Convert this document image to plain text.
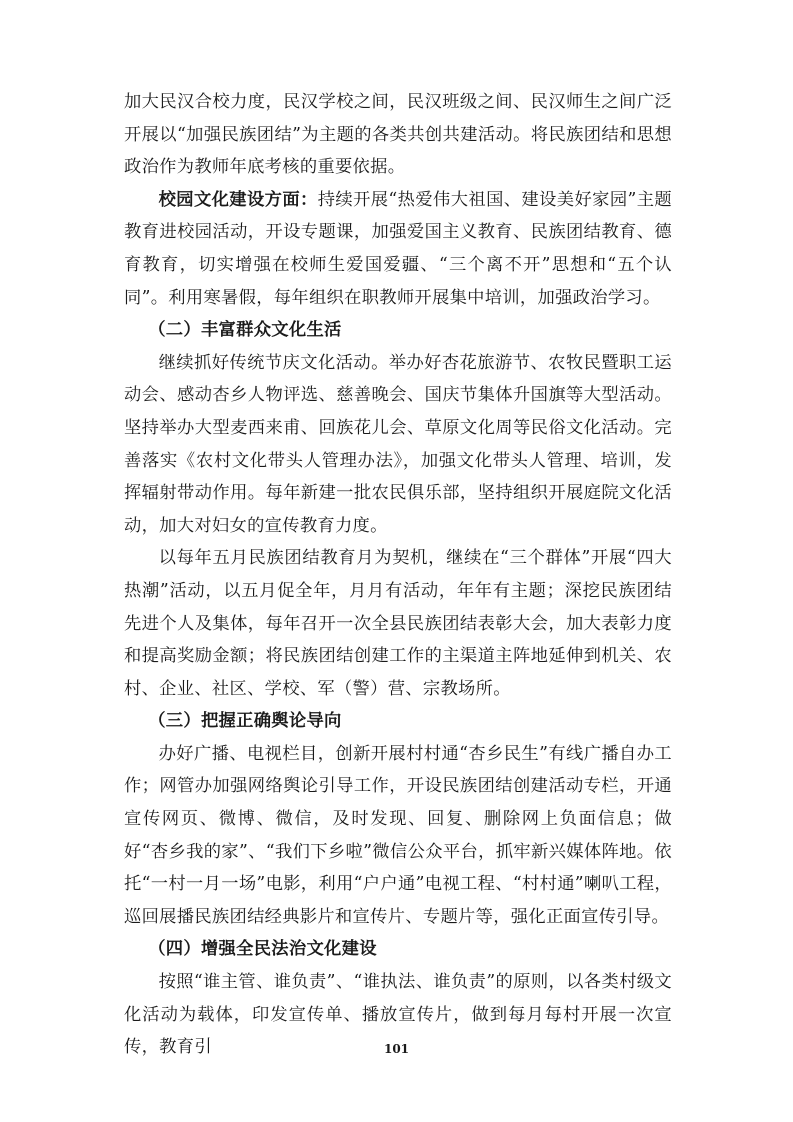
加大民汉合校力度，民汉学校之间，民汉班级之间、民汉师生之间广泛开展以“加强民族团结”为主题的各类共创共建活动。将民族团结和思想政治作为教师年底考核的重要依据。

校园文化建设方面：持续开展“热爱伟大祖国、建设美好家园”主题教育进校园活动，开设专题课，加强爱国主义教育、民族团结教育、德育教育，切实增强在校师生爱国爱疆、“三个离不开”思想和“五个认同”。利用寒暑假，每年组织在职教师开展集中培训，加强政治学习。

（二）丰富群众文化生活

继续抓好传统节庆文化活动。举办好杏花旅游节、农牧民暨职工运动会、感动杏乡人物评选、慈善晚会、国庆节集体升国旗等大型活动。坚持举办大型麦西来甫、回族花儿会、草原文化周等民俗文化活动。完善落实《农村文化带头人管理办法》，加强文化带头人管理、培训，发挥辐射带动作用。每年新建一批农民俱乐部，坚持组织开展庭院文化活动，加大对妇女的宣传教育力度。

以每年五月民族团结教育月为契机，继续在“三个群体”开展“四大热潮”活动，以五月促全年，月月有活动，年年有主题；深挖民族团结先进个人及集体，每年召开一次全县民族团结表彰大会，加大表彰力度和提高奖励金额；将民族团结创建工作的主渠道主阵地延伸到机关、农村、企业、社区、学校、军（警）营、宗教场所。

（三）把握正确舆论导向

办好广播、电视栏目，创新开展村村通“杏乡民生”有线广播自办工作；网管办加强网络舆论引导工作，开设民族团结创建活动专栏，开通宣传网页、微博、微信，及时发现、回复、删除网上负面信息；做好“杏乡我的家”、“我们下乡啦”微信公众平台，抓牢新兴媒体阵地。依托“一村一月一场”电影，利用“户户通”电视工程、“村村通”喇叭工程，巡回展播民族团结经典影片和宣传片、专题片等，强化正面宣传引导。

（四）增强全民法治文化建设

按照“谁主管、谁负责”、“谁执法、谁负责”的原则，以各类村级文化活动为载体，印发宣传单、播放宣传片，做到每月每村开展一次宣传，教育引	101
